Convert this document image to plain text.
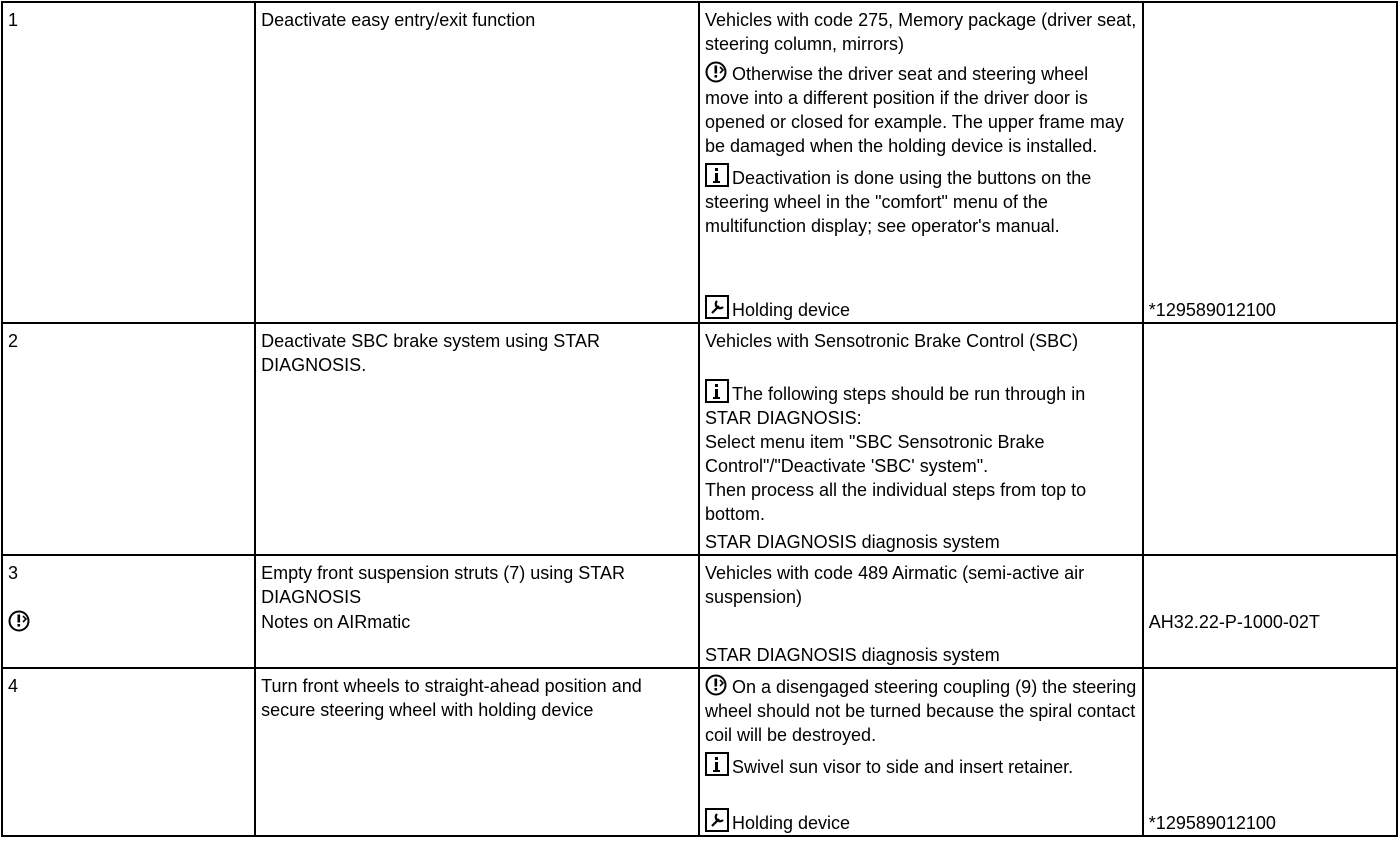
1	Deactivate easy entry/exit function	Vehicles with code 275, Memory package (driver seat, steering column, mirrors)
Otherwise the driver seat and steering wheel move into a different position if the driver door is opened or closed for example. The upper frame may be damaged when the holding device is installed.
Deactivation is done using the buttons on the steering wheel in the "comfort" menu of the multifunction display; see operator's manual.
Holding device	*129589012100

2	Deactivate SBC brake system using STAR DIAGNOSIS.	Vehicles with Sensotronic Brake Control (SBC)
The following steps should be run through in STAR DIAGNOSIS:
Select menu item "SBC Sensotronic Brake Control"/"Deactivate 'SBC' system".
Then process all the individual steps from top to bottom.
STAR DIAGNOSIS diagnosis system	

3	Empty front suspension struts (7) using STAR DIAGNOSIS
Notes on AIRmatic	Vehicles with code 489 Airmatic (semi-active air suspension)
STAR DIAGNOSIS diagnosis system	AH32.22-P-1000-02T

4	Turn front wheels to straight-ahead position and secure steering wheel with holding device	On a disengaged steering coupling (9) the steering wheel should not be turned because the spiral contact coil will be destroyed.
Swivel sun visor to side and insert retainer.
Holding device	*129589012100
